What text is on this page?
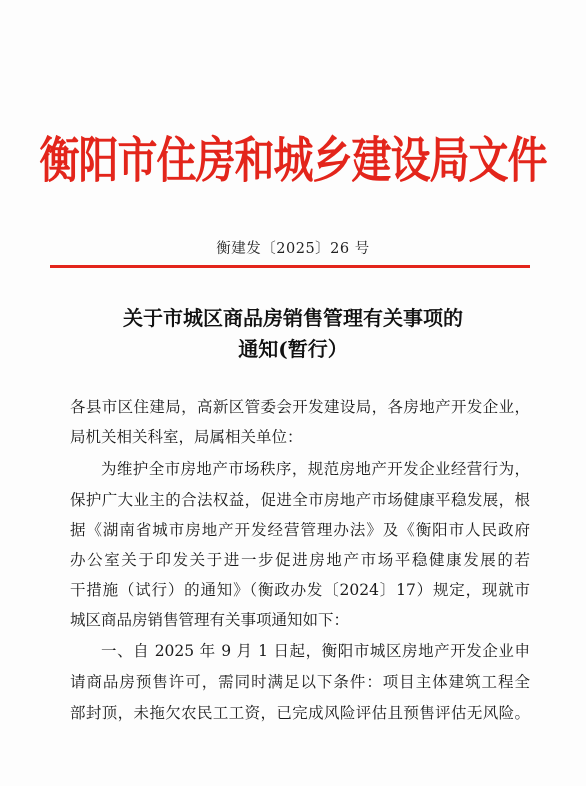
衡阳市住房和城乡建设局文件
衡建发〔2025〕26 号
关于市城区商品房销售管理有关事项的
通知(暂行）
各县市区住建局，高新区管委会开发建设局，各房地产开发企业，
局机关相关科室，局属相关单位：
为维护全市房地产市场秩序，规范房地产开发企业经营行为，
保护广大业主的合法权益，促进全市房地产市场健康平稳发展，根
据《湖南省城市房地产开发经营管理办法》及《衡阳市人民政府
办公室关于印发关于进一步促进房地产市场平稳健康发展的若
干措施（试行）的通知》（衡政办发〔2024〕17）规定，现就市
城区商品房销售管理有关事项通知如下：
一、自 2025 年 9 月 1 日起，衡阳市城区房地产开发企业申
请商品房预售许可，需同时满足以下条件：项目主体建筑工程全
部封顶，未拖欠农民工工资，已完成风险评估且预售评估无风险。
